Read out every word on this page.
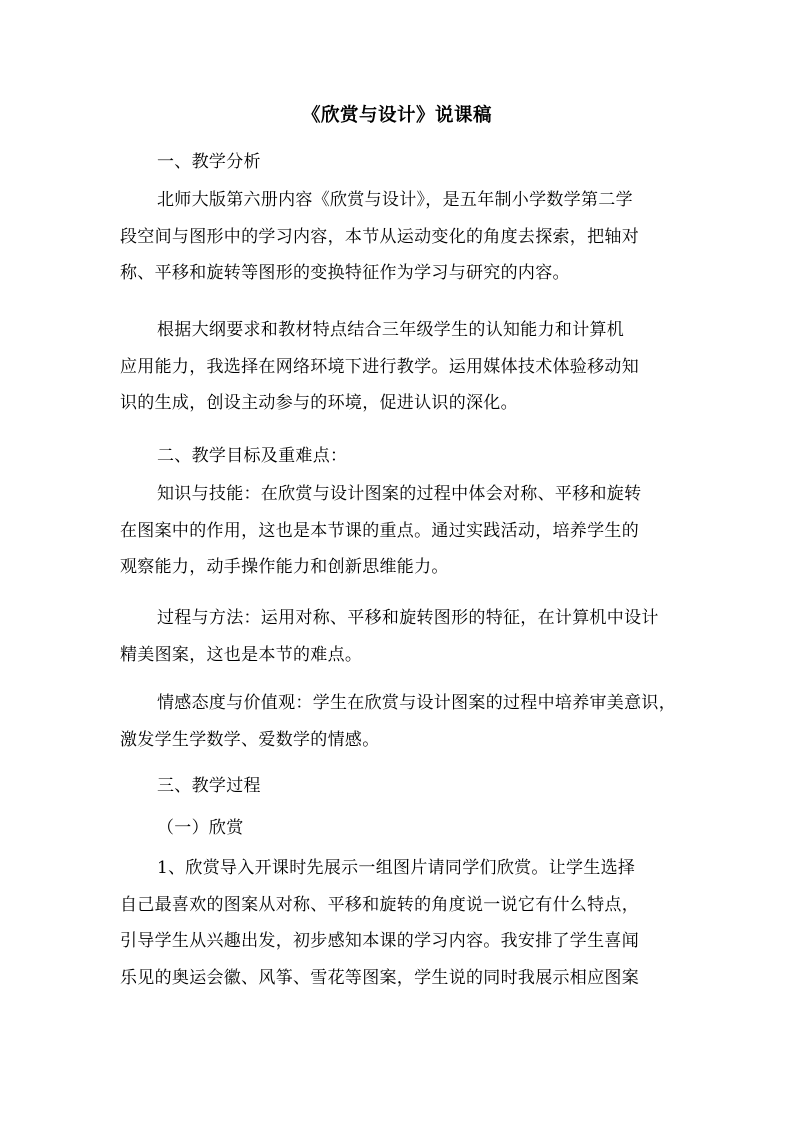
《欣赏与设计》说课稿
一、教学分析
北师大版第六册内容《欣赏与设计》，是五年制小学数学第二学
段空间与图形中的学习内容，本节从运动变化的角度去探索，把轴对
称、平移和旋转等图形的变换特征作为学习与研究的内容。
根据大纲要求和教材特点结合三年级学生的认知能力和计算机
应用能力，我选择在网络环境下进行教学。运用媒体技术体验移动知
识的生成，创设主动参与的环境，促进认识的深化。
二、教学目标及重难点：
知识与技能：在欣赏与设计图案的过程中体会对称、平移和旋转
在图案中的作用，这也是本节课的重点。通过实践活动，培养学生的
观察能力，动手操作能力和创新思维能力。
过程与方法：运用对称、平移和旋转图形的特征，在计算机中设计
精美图案，这也是本节的难点。
情感态度与价值观：学生在欣赏与设计图案的过程中培养审美意识，
激发学生学数学、爱数学的情感。
三、教学过程
（一）欣赏
1、欣赏导入开课时先展示一组图片请同学们欣赏。让学生选择
自己最喜欢的图案从对称、平移和旋转的角度说一说它有什么特点，
引导学生从兴趣出发，初步感知本课的学习内容。我安排了学生喜闻
乐见的奥运会徽、风筝、雪花等图案，学生说的同时我展示相应图案
